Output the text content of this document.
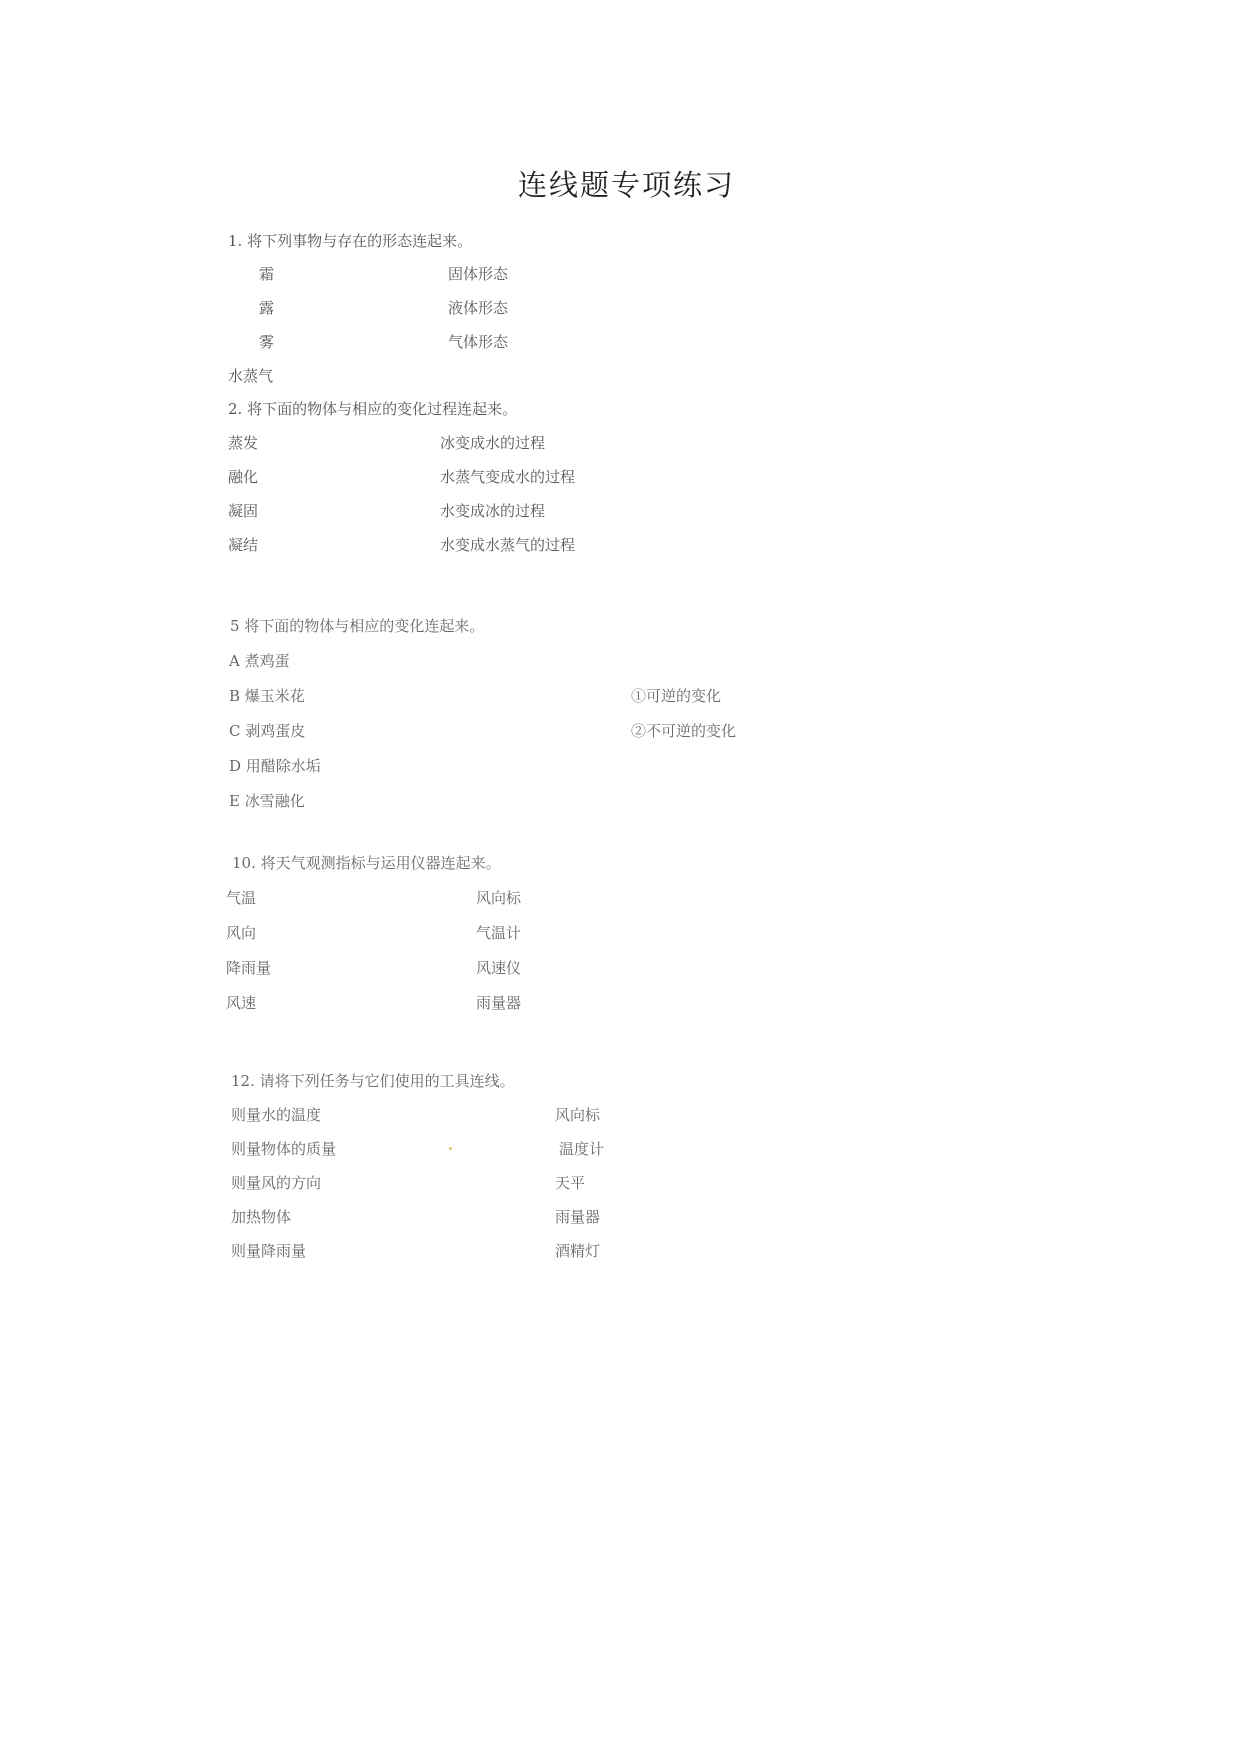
连线题专项练习
1. 将下列事物与存在的形态连起来。
霜
露
雾
水蒸气
固体形态
液体形态
气体形态
2. 将下面的物体与相应的变化过程连起来。
蒸发
融化
凝固
凝结
冰变成水的过程
水蒸气变成水的过程
水变成冰的过程
水变成水蒸气的过程
5 将下面的物体与相应的变化连起来。
A 煮鸡蛋
B 爆玉米花
C 剥鸡蛋皮
D 用醋除水垢
E 冰雪融化
①可逆的变化
②不可逆的变化
10. 将天气观测指标与运用仪器连起来。
气温
风向
降雨量
风速
风向标
气温计
风速仪
雨量器
12. 请将下列任务与它们使用的工具连线。
则量水的温度
则量物体的质量
则量风的方向
加热物体
则量降雨量
风向标
温度计
天平
雨量器
酒精灯
